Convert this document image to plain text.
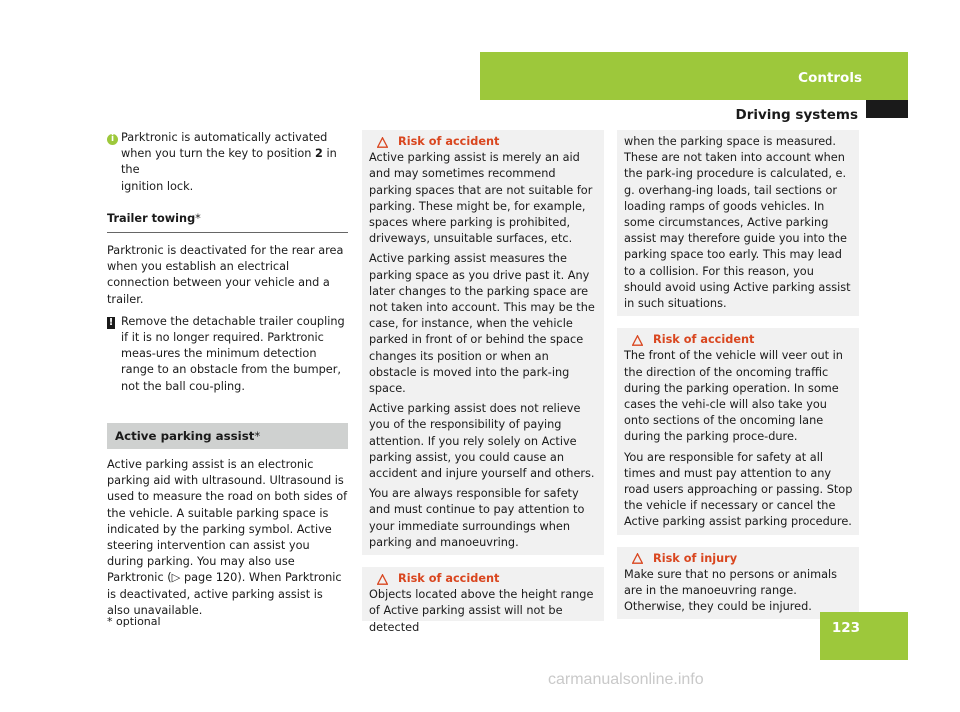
Controls
Driving systems
i Parktronic is automatically activated
when you turn the key to position 2 in the
ignition lock.

Trailer towing*

Parktronic is deactivated for the rear area when you establish an electrical connection between your vehicle and a trailer.

! Remove the detachable trailer coupling if it is no longer required. Parktronic meas-ures the minimum detection range to an obstacle from the bumper, not the ball cou-pling.

Active parking assist*

Active parking assist is an electronic parking aid with ultrasound. Ultrasound is used to measure the road on both sides of the vehicle. A suitable parking space is indicated by the parking symbol. Active steering intervention can assist you during parking. You may also use Parktronic (▷ page 120). When Parktronic is deactivated, active parking assist is also unavailable.

Risk of accident

Active parking assist is merely an aid and may sometimes recommend parking spaces that are not suitable for parking. These might be, for example, spaces where parking is prohibited, driveways, unsuitable surfaces, etc.

Active parking assist measures the parking space as you drive past it. Any later changes to the parking space are not taken into account. This may be the case, for instance, when the vehicle parked in front of or behind the space changes its position or when an obstacle is moved into the park-ing space.

Active parking assist does not relieve you of the responsibility of paying attention. If you rely solely on Active parking assist, you could cause an accident and injure yourself and others.

You are always responsible for safety and must continue to pay attention to your immediate surroundings when parking and manoeuvring.

Risk of accident

Objects located above the height range of Active parking assist will not be detected

when the parking space is measured. These are not taken into account when the park-ing procedure is calculated, e. g. overhang-ing loads, tail sections or loading ramps of goods vehicles. In some circumstances, Active parking assist may therefore guide you into the parking space too early. This may lead to a collision. For this reason, you should avoid using Active parking assist in such situations.

Risk of accident

The front of the vehicle will veer out in the direction of the oncoming traffic during the parking operation. In some cases the vehi-cle will also take you onto sections of the oncoming lane during the parking proce-dure.

You are responsible for safety at all times and must pay attention to any road users approaching or passing. Stop the vehicle if necessary or cancel the Active parking assist parking procedure.

Risk of injury

Make sure that no persons or animals are in the manoeuvring range. Otherwise, they could be injured.

* optional	123
carmanualsonline.info
